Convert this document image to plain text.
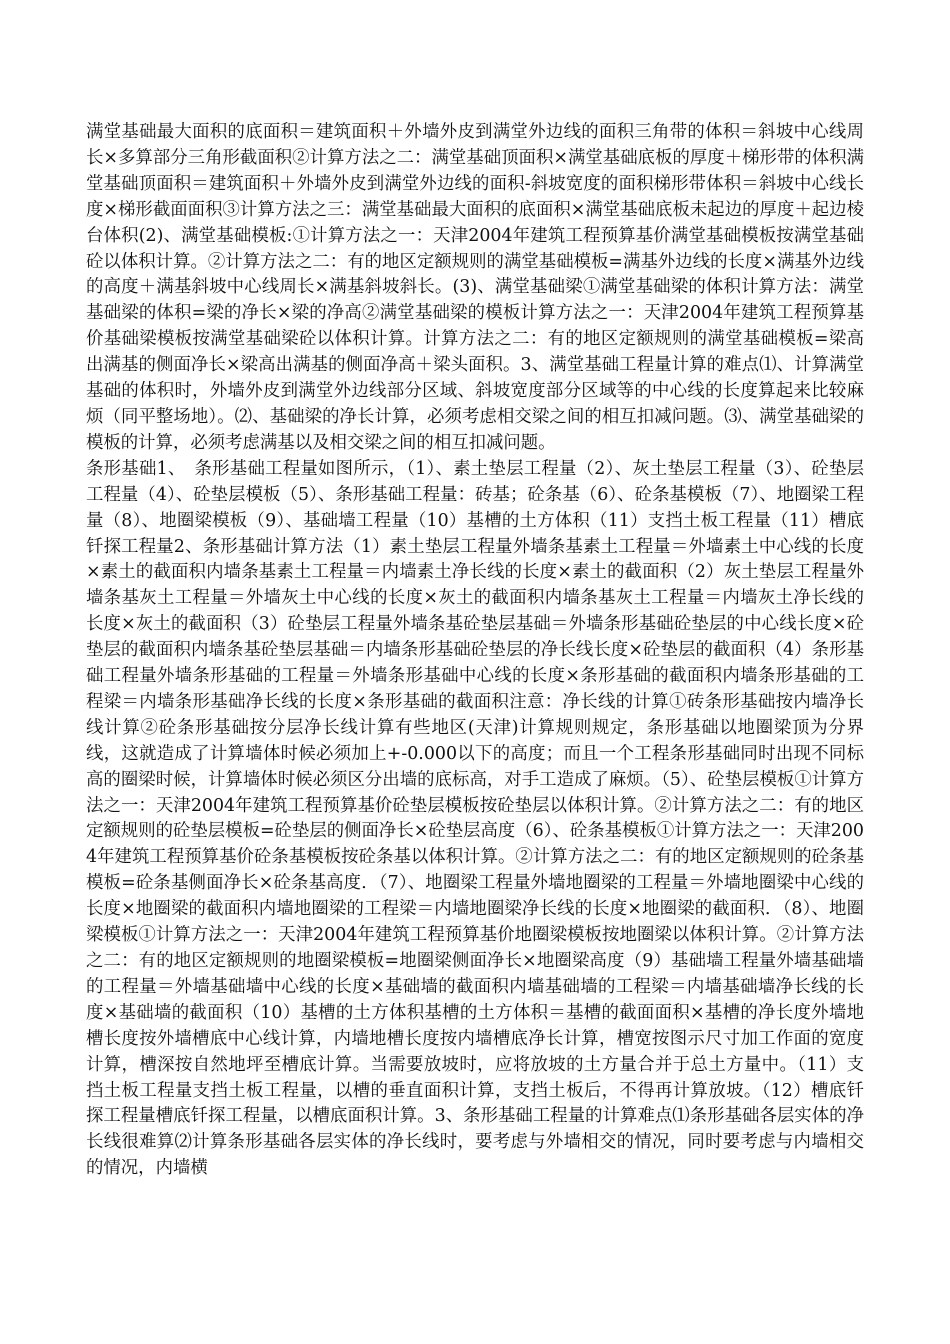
满堂基础最大面积的底面积＝建筑面积＋外墙外皮到满堂外边线的面积三角带的体积＝斜坡中心线周长×多算部分三角形截面积②计算方法之二：满堂基础顶面积×满堂基础底板的厚度＋梯形带的体积满堂基础顶面积＝建筑面积＋外墙外皮到满堂外边线的面积-斜坡宽度的面积梯形带体积＝斜坡中心线长度×梯形截面面积③计算方法之三：满堂基础最大面积的底面积×满堂基础底板未起边的厚度＋起边棱台体积(2)、满堂基础模板:①计算方法之一：天津2004年建筑工程预算基价满堂基础模板按满堂基础砼以体积计算。②计算方法之二：有的地区定额规则的满堂基础模板=满基外边线的长度×满基外边线的高度＋满基斜坡中心线周长×满基斜坡斜长。(3)、满堂基础梁①满堂基础梁的体积计算方法：满堂基础梁的体积=梁的净长×梁的净高②满堂基础梁的模板计算方法之一：天津2004年建筑工程预算基价基础梁模板按满堂基础梁砼以体积计算。计算方法之二：有的地区定额规则的满堂基础模板=梁高出满基的侧面净长×梁高出满基的侧面净高＋梁头面积。3、满堂基础工程量计算的难点⑴、计算满堂基础的体积时，外墙外皮到满堂外边线部分区域、斜坡宽度部分区域等的中心线的长度算起来比较麻烦（同平整场地）。⑵、基础梁的净长计算，必须考虑相交梁之间的相互扣减问题。⑶、满堂基础梁的模板的计算，必须考虑满基以及相交梁之间的相互扣减问题。

条形基础1、　条形基础工程量如图所示，（1）、素土垫层工程量（2）、灰土垫层工程量（3）、砼垫层工程量（4）、砼垫层模板（5）、条形基础工程量：砖基；砼条基（6）、砼条基模板（7）、地圈梁工程量（8）、地圈梁模板（9）、基础墙工程量（10）基槽的土方体积（11）支挡土板工程量（11）槽底钎探工程量2、条形基础计算方法（1）素土垫层工程量外墙条基素土工程量＝外墙素土中心线的长度×素土的截面积内墙条基素土工程量＝内墙素土净长线的长度×素土的截面积（2）灰土垫层工程量外墙条基灰土工程量＝外墙灰土中心线的长度×灰土的截面积内墙条基灰土工程量＝内墙灰土净长线的长度×灰土的截面积（3）砼垫层工程量外墙条基砼垫层基础＝外墙条形基础砼垫层的中心线长度×砼垫层的截面积内墙条基砼垫层基础＝内墙条形基础砼垫层的净长线长度×砼垫层的截面积（4）条形基础工程量外墙条形基础的工程量＝外墙条形基础中心线的长度×条形基础的截面积内墙条形基础的工程梁＝内墙条形基础净长线的长度×条形基础的截面积注意：净长线的计算①砖条形基础按内墙净长线计算②砼条形基础按分层净长线计算有些地区(天津)计算规则规定，条形基础以地圈梁顶为分界线，这就造成了计算墙体时候必须加上+-0.000以下的高度；而且一个工程条形基础同时出现不同标高的圈梁时候，计算墙体时候必须区分出墙的底标高，对手工造成了麻烦。（5）、砼垫层模板①计算方法之一：天津2004年建筑工程预算基价砼垫层模板按砼垫层以体积计算。②计算方法之二：有的地区定额规则的砼垫层模板=砼垫层的侧面净长×砼垫层高度（6）、砼条基模板①计算方法之一：天津2004年建筑工程预算基价砼条基模板按砼条基以体积计算。②计算方法之二：有的地区定额规则的砼条基模板=砼条基侧面净长×砼条基高度．（7）、地圈梁工程量外墙地圈梁的工程量＝外墙地圈梁中心线的长度×地圈梁的截面积内墙地圈梁的工程梁＝内墙地圈梁净长线的长度×地圈梁的截面积．（8）、地圈梁模板①计算方法之一：天津2004年建筑工程预算基价地圈梁模板按地圈梁以体积计算。②计算方法之二：有的地区定额规则的地圈梁模板=地圈梁侧面净长×地圈梁高度（9）基础墙工程量外墙基础墙的工程量＝外墙基础墙中心线的长度×基础墙的截面积内墙基础墙的工程梁＝内墙基础墙净长线的长度×基础墙的截面积（10）基槽的土方体积基槽的土方体积＝基槽的截面面积×基槽的净长度外墙地槽长度按外墙槽底中心线计算，内墙地槽长度按内墙槽底净长计算，槽宽按图示尺寸加工作面的宽度计算，槽深按自然地坪至槽底计算。当需要放坡时，应将放坡的土方量合并于总土方量中。（11）支挡土板工程量支挡土板工程量，以槽的垂直面积计算，支挡土板后，不得再计算放坡。（12）槽底钎探工程量槽底钎探工程量，以槽底面积计算。3、条形基础工程量的计算难点⑴条形基础各层实体的净长线很难算⑵计算条形基础各层实体的净长线时，要考虑与外墙相交的情况，同时要考虑与内墙相交的情况，内墙横
